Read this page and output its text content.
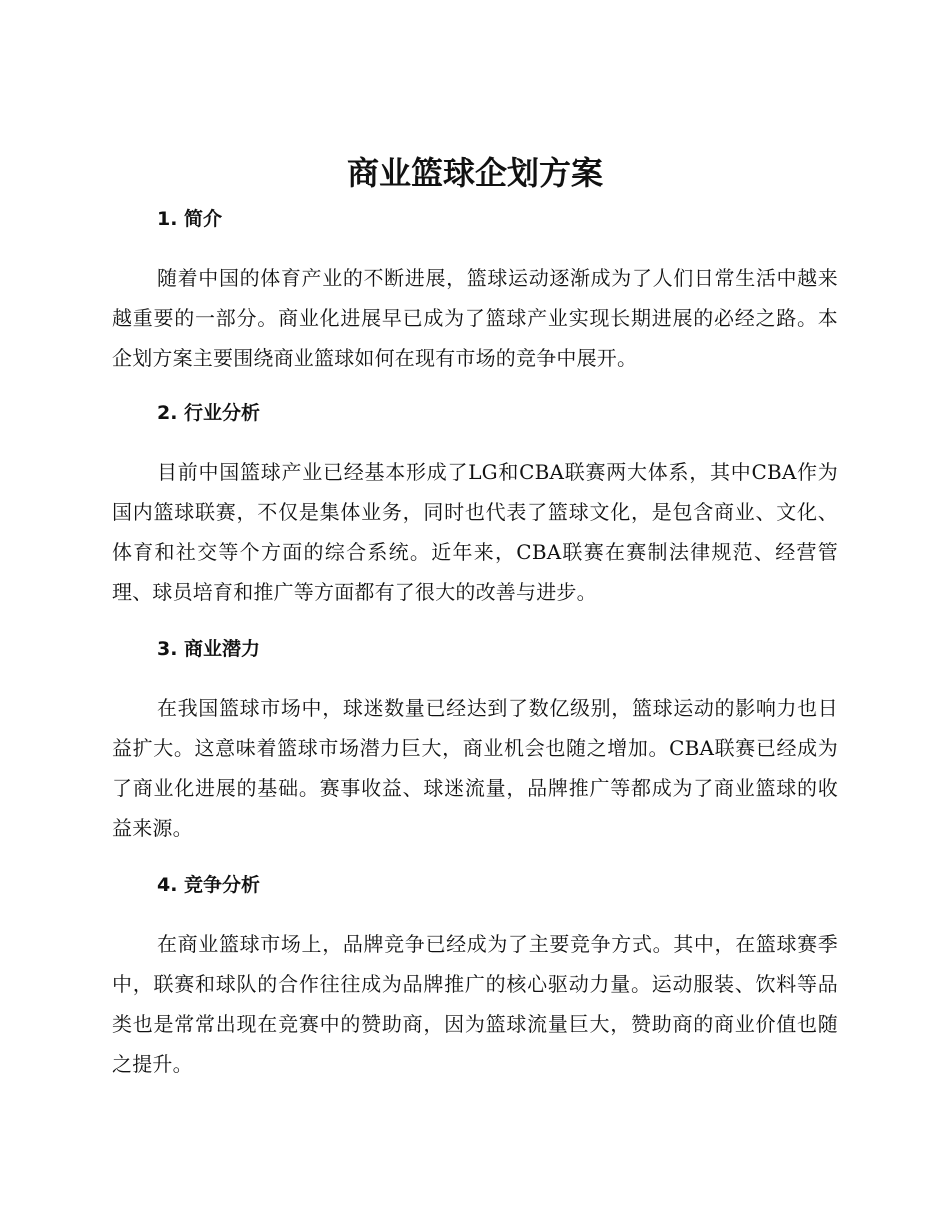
商业篮球企划方案
1. 简介

随着中国的体育产业的不断进展，篮球运动逐渐成为了人们日常生活中越来越重要的一部分。商业化进展早已成为了篮球产业实现长期进展的必经之路。本企划方案主要围绕商业篮球如何在现有市场的竞争中展开。

2. 行业分析

目前中国篮球产业已经基本形成了LG和CBA联赛两大体系，其中CBA作为国内篮球联赛，不仅是集体业务，同时也代表了篮球文化，是包含商业、文化、体育和社交等个方面的综合系统。近年来，CBA联赛在赛制法律规范、经营管理、球员培育和推广等方面都有了很大的改善与进步。

3. 商业潜力

在我国篮球市场中，球迷数量已经达到了数亿级别，篮球运动的影响力也日益扩大。这意味着篮球市场潜力巨大，商业机会也随之增加。CBA联赛已经成为了商业化进展的基础。赛事收益、球迷流量，品牌推广等都成为了商业篮球的收益来源。

4. 竞争分析

在商业篮球市场上，品牌竞争已经成为了主要竞争方式。其中，在篮球赛季中，联赛和球队的合作往往成为品牌推广的核心驱动力量。运动服装、饮料等品类也是常常出现在竞赛中的赞助商，因为篮球流量巨大，赞助商的商业价值也随之提升。
